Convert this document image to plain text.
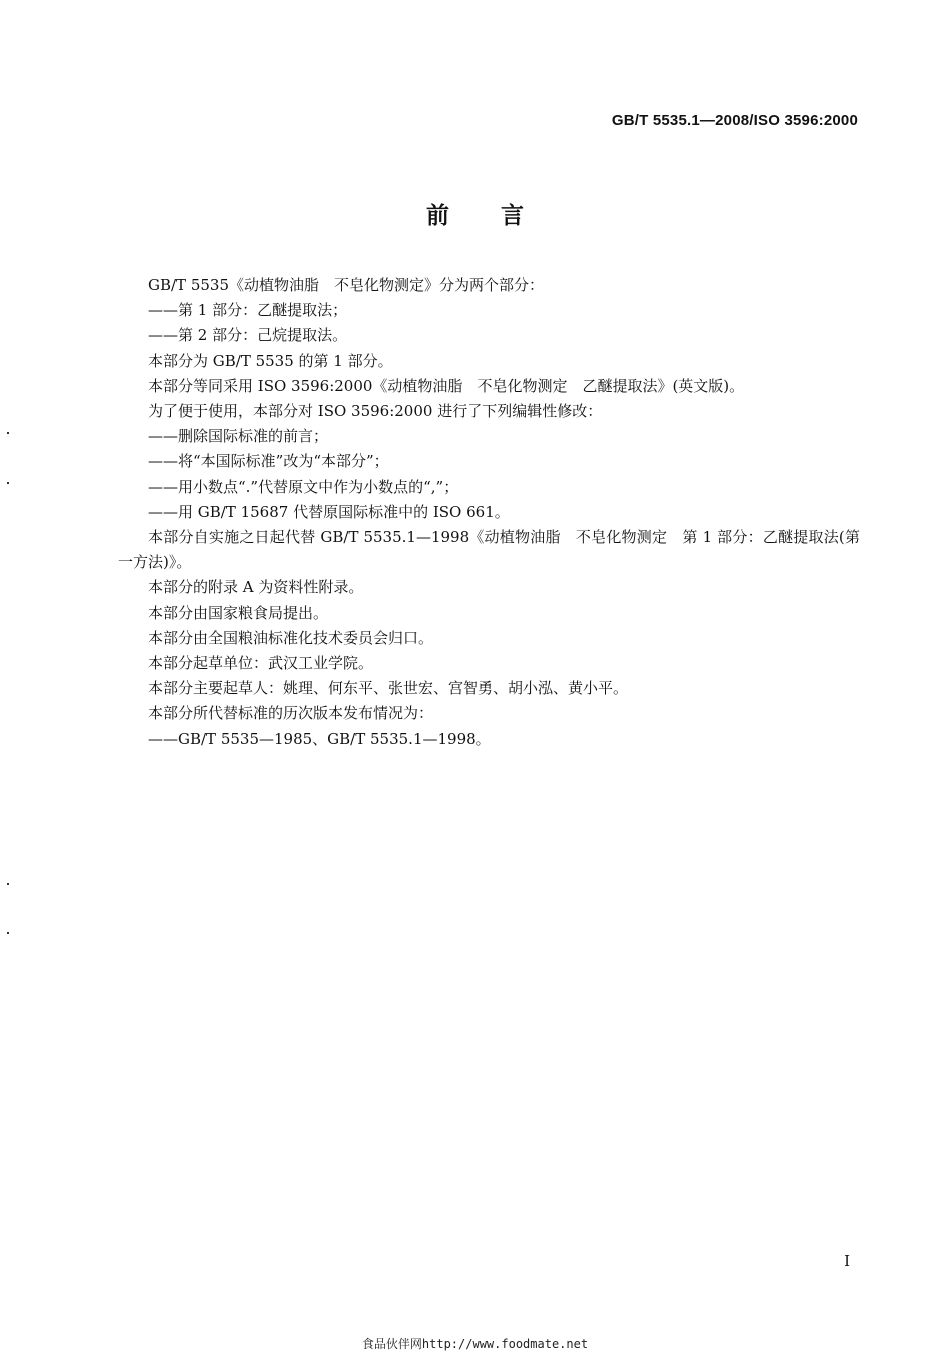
GB/T 5535.1—2008/ISO 3596:2000
前言

GB/T 5535《动植物油脂　不皂化物测定》分为两个部分：

——第 1 部分：乙醚提取法；

——第 2 部分：己烷提取法。

本部分为 GB/T 5535 的第 1 部分。

本部分等同采用 ISO 3596:2000《动植物油脂　不皂化物测定　乙醚提取法》(英文版)。

为了便于使用，本部分对 ISO 3596:2000 进行了下列编辑性修改：

——删除国际标准的前言；

——将“本国际标准”改为“本部分”；

——用小数点“.”代替原文中作为小数点的“,”；

——用 GB/T 15687 代替原国际标准中的 ISO 661。

本部分自实施之日起代替 GB/T 5535.1—1998《动植物油脂　不皂化物测定　第 1 部分：乙醚提取法(第一方法)》。

本部分的附录 A 为资料性附录。

本部分由国家粮食局提出。

本部分由全国粮油标准化技术委员会归口。

本部分起草单位：武汉工业学院。

本部分主要起草人：姚理、何东平、张世宏、宫智勇、胡小泓、黄小平。

本部分所代替标准的历次版本发布情况为：

——GB/T 5535—1985、GB/T 5535.1—1998。

I
食品伙伴网http://www.foodmate.net
